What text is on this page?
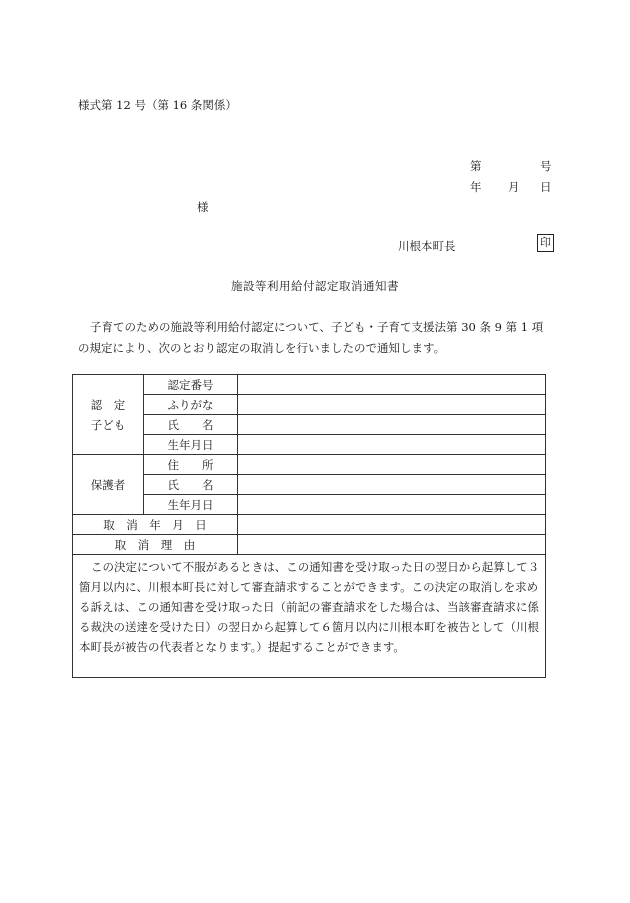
様式第 12 号（第 16 条関係）
第	号
年 月 日
様
川根本町長	印
施設等利用給付認定取消通知書
子育てのための施設等利用給付認定について、子ども・子育て支援法第 30 条 9 第 1 項の規定により、次のとおり認定の取消しを行いましたので通知します。
認　定
子ども	認定番号	
	ふりがな	
	氏　　名	
	生年月日	
保護者	住　　所	
	氏　　名	
	生年月日	
取　消　年　月　日		
取　消　理　由		
この決定について不服があるときは、この通知書を受け取った日の翌日から起算して３箇月以内に、川根本町長に対して審査請求することができます。この決定の取消しを求める訴えは、この通知書を受け取った日（前記の審査請求をした場合は、当該審査請求に係る裁決の送達を受けた日）の翌日から起算して６箇月以内に川根本町を被告として（川根本町長が被告の代表者となります。）提起することができます。		
